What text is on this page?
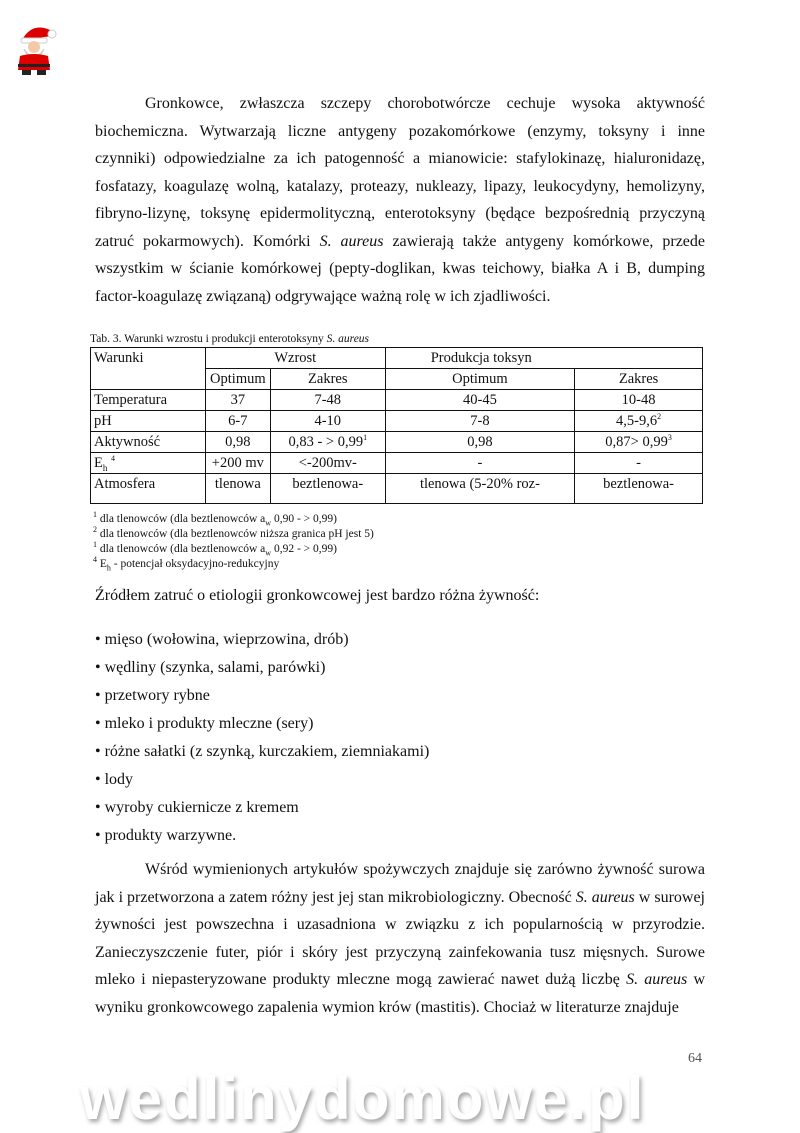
Gronkowce, zwłaszcza szczepy chorobotwórcze cechuje wysoka aktywność biochemiczna. Wytwarzają liczne antygeny pozakomórkowe (enzymy, toksyny i inne czynniki) odpowiedzialne za ich patogenność a mianowicie: stafylokinazę, hialuronidazę, fosfatazy, koagulazę wolną, katalazy, proteazy, nukleazy, lipazy, leukocydyny, hemolizyny, fibryno-lizynę, toksynę epidermolityczną, enterotoksyny (będące bezpośrednią przyczyną zatruć pokarmowych). Komórki S. aureus zawierają także antygeny komórkowe, przede wszystkim w ścianie komórkowej (pepty-doglikan, kwas teichowy, białka A i B, dumping factor-koagulazę związaną) odgrywające ważną rolę w ich zjadliwości.
Tab. 3. Warunki wzrostu i produkcji enterotoksyny S. aureus
Warunki	Wzrost		Produkcja toksyn	
	Optimum	Zakres	Optimum	Zakres
Temperatura	37	7-48	40-45	10-48
pH	6-7	4-10	7-8	$4,5-9,6^2$
Aktywność	0,98	0,83 - > $0,99^1$	0,98	$0,87> 0,99^3$
$E_h$ $^4$	+200 mv	<-200mv-	-	-
Atmosfera	tlenowa	beztlenowa-	tlenowa (5-20% roz-	beztlenowa-
$^1$ dla tlenowców (dla beztlenowców $a_w$ 0,90 - > 0,99)
$^2$ dla tlenowców (dla beztlenowców niższa granica pH jest 5)
$^1$ dla tlenowców (dla beztlenowców $a_w$ 0,92 - > 0,99)
$^4$ $E_h$ - potencjał oksydacyjno-redukcyjny
Źródłem zatruć o etiologii gronkowcowej jest bardzo różna żywność:
• mięso (wołowina, wieprzowina, drób)
• wędliny (szynka, salami, parówki)
• przetwory rybne
• mleko i produkty mleczne (sery)
• różne sałatki (z szynką, kurczakiem, ziemniakami)
• lody
• wyroby cukiernicze z kremem
• produkty warzywne.
Wśród wymienionych artykułów spożywczych znajduje się zarówno żywność surowa jak i przetworzona a zatem różny jest jej stan mikrobiologiczny. Obecność S. aureus w surowej żywności jest powszechna i uzasadniona w związku z ich popularnością w przyrodzie. Zanieczyszczenie futer, piór i skóry jest przyczyną zainfekowania tusz mięsnych. Surowe mleko i niepasteryzowane produkty mleczne mogą zawierać nawet dużą liczbę S. aureus w wyniku gronkowcowego zapalenia wymion krów (mastitis). Chociaż w literaturze znajduje
64
wedlinydomowe.pl
